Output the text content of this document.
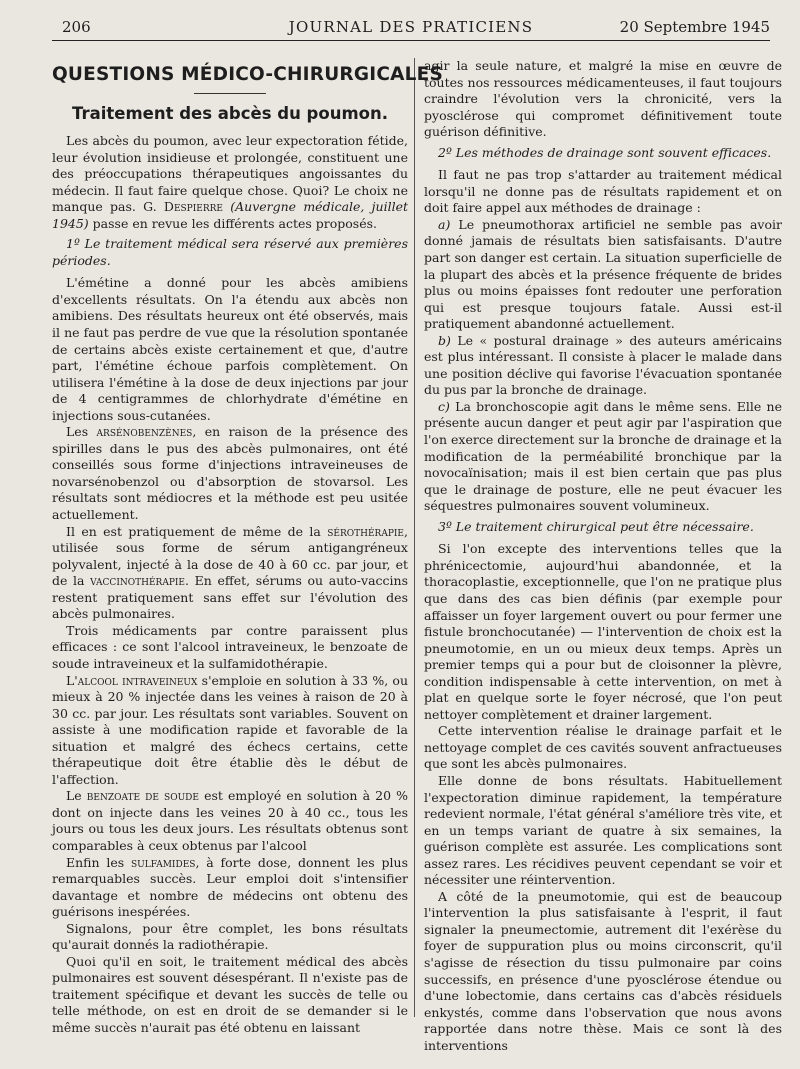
206	JOURNAL DES PRATICIENS	20 Septembre 1945
QUESTIONS MÉDICO-CHIRURGICALES
Traitement des abcès du poumon.

Les abcès du poumon, avec leur expectoration fétide, leur évolution insidieuse et prolongée, constituent une des préoccupations thérapeutiques angoissantes du médecin. Il faut faire quelque chose. Quoi? Le choix ne manque pas. G. Despierre (Auvergne médicale, juillet 1945) passe en revue les différents actes proposés.

1º Le traitement médical sera réservé aux premières périodes.

L'émétine a donné pour les abcès amibiens d'excellents résultats. On l'a étendu aux abcès non amibiens. Des résultats heureux ont été observés, mais il ne faut pas perdre de vue que la résolution spontanée de certains abcès existe certainement et que, d'autre part, l'émétine échoue parfois complètement. On utilisera l'émétine à la dose de deux injections par jour de 4 centigrammes de chlorhydrate d'émétine en injections sous-cutanées.

Les arsénobenzènes, en raison de la présence des spirilles dans le pus des abcès pulmonaires, ont été conseillés sous forme d'injections intraveineuses de novarsénobenzol ou d'absorption de stovarsol. Les résultats sont médiocres et la méthode est peu usitée actuellement.

Il en est pratiquement de même de la sérothérapie, utilisée sous forme de sérum antigangréneux polyvalent, injecté à la dose de 40 à 60 cc. par jour, et de la vaccinothérapie. En effet, sérums ou auto-vaccins restent pratiquement sans effet sur l'évolution des abcès pulmonaires.

Trois médicaments par contre paraissent plus efficaces : ce sont l'alcool intraveineux, le benzoate de soude intraveineux et la sulfamidothérapie.

L'alcool intraveineux s'emploie en solution à 33 %, ou mieux à 20 % injectée dans les veines à raison de 20 à 30 cc. par jour. Les résultats sont variables. Souvent on assiste à une modification rapide et favorable de la situation et malgré des échecs certains, cette thérapeutique doit être établie dès le début de l'affection.

Le benzoate de soude est employé en solution à 20 % dont on injecte dans les veines 20 à 40 cc., tous les jours ou tous les deux jours. Les résultats obtenus sont comparables à ceux obtenus par l'alcool

Enfin les sulfamides, à forte dose, donnent les plus remarquables succès. Leur emploi doit s'intensifier davantage et nombre de médecins ont obtenu des guérisons inespérées.

Signalons, pour être complet, les bons résultats qu'aurait donnés la radiothérapie.

Quoi qu'il en soit, le traitement médical des abcès pulmonaires est souvent désespérant. Il n'existe pas de traitement spécifique et devant les succès de telle ou telle méthode, on est en droit de se demander si le même succès n'aurait pas été obtenu en laissant

agir la seule nature, et malgré la mise en œuvre de toutes nos ressources médicamenteuses, il faut toujours craindre l'évolution vers la chronicité, vers la pyosclérose qui compromet définitivement toute guérison définitive.

2º Les méthodes de drainage sont souvent efficaces.

Il faut ne pas trop s'attarder au traitement médical lorsqu'il ne donne pas de résultats rapidement et on doit faire appel aux méthodes de drainage :

a) Le pneumothorax artificiel ne semble pas avoir donné jamais de résultats bien satisfaisants. D'autre part son danger est certain. La situation superficielle de la plupart des abcès et la présence fréquente de brides plus ou moins épaisses font redouter une perforation qui est presque toujours fatale. Aussi est-il pratiquement abandonné actuellement.

b) Le « postural drainage » des auteurs américains est plus intéressant. Il consiste à placer le malade dans une position déclive qui favorise l'évacuation spontanée du pus par la bronche de drainage.

c) La bronchoscopie agit dans le même sens. Elle ne présente aucun danger et peut agir par l'aspiration que l'on exerce directement sur la bronche de drainage et la modification de la perméabilité bronchique par la novocaïnisation; mais il est bien certain que pas plus que le drainage de posture, elle ne peut évacuer les séquestres pulmonaires souvent volumineux.

3º Le traitement chirurgical peut être nécessaire.

Si l'on excepte des interventions telles que la phrénicectomie, aujourd'hui abandonnée, et la thoracoplastie, exceptionnelle, que l'on ne pratique plus que dans des cas bien définis (par exemple pour affaisser un foyer largement ouvert ou pour fermer une fistule bronchocutanée) — l'intervention de choix est la pneumotomie, en un ou mieux deux temps. Après un premier temps qui a pour but de cloisonner la plèvre, condition indispensable à cette intervention, on met à plat en quelque sorte le foyer nécrosé, que l'on peut nettoyer complètement et drainer largement.

Cette intervention réalise le drainage parfait et le nettoyage complet de ces cavités souvent anfractueuses que sont les abcès pulmonaires.

Elle donne de bons résultats. Habituellement l'expectoration diminue rapidement, la température redevient normale, l'état général s'améliore très vite, et en un temps variant de quatre à six semaines, la guérison complète est assurée. Les complications sont assez rares. Les récidives peuvent cependant se voir et nécessiter une réintervention.

A côté de la pneumotomie, qui est de beaucoup l'intervention la plus satisfaisante à l'esprit, il faut signaler la pneumectomie, autrement dit l'exérèse du foyer de suppuration plus ou moins circonscrit, qu'il s'agisse de résection du tissu pulmonaire par coins successifs, en présence d'une pyosclérose étendue ou d'une lobectomie, dans certains cas d'abcès résiduels enkystés, comme dans l'observation que nous avons rapportée dans notre thèse. Mais ce sont là des interventions
